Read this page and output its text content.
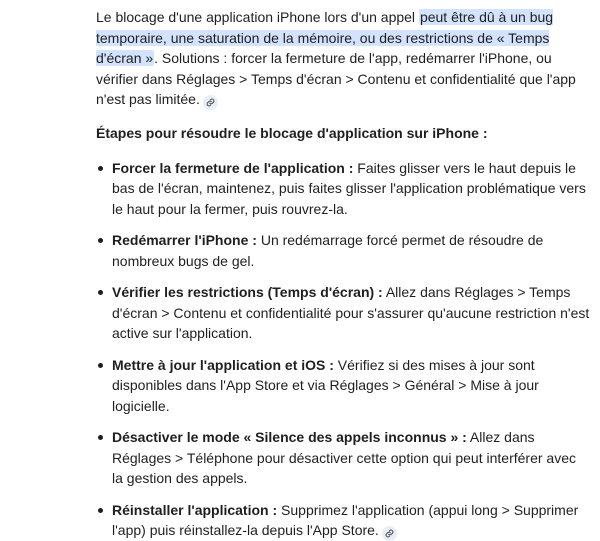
Le blocage d'une application iPhone lors d'un appel peut être dû à un bug temporaire, une saturation de la mémoire, ou des restrictions de « Temps d'écran ». Solutions : forcer la fermeture de l'app, redémarrer l'iPhone, ou vérifier dans Réglages > Temps d'écran > Contenu et confidentialité que l'app n'est pas limitée.

Étapes pour résoudre le blocage d'application sur iPhone :

Forcer la fermeture de l'application : Faites glisser vers le haut depuis le bas de l'écran, maintenez, puis faites glisser l'application problématique vers le haut pour la fermer, puis rouvrez-la.
Redémarrer l'iPhone : Un redémarrage forcé permet de résoudre de nombreux bugs de gel.
Vérifier les restrictions (Temps d'écran) : Allez dans Réglages > Temps d'écran > Contenu et confidentialité pour s'assurer qu'aucune restriction n'est active sur l'application.
Mettre à jour l'application et iOS : Vérifiez si des mises à jour sont disponibles dans l'App Store et via Réglages > Général > Mise à jour logicielle.
Désactiver le mode « Silence des appels inconnus » : Allez dans Réglages > Téléphone pour désactiver cette option qui peut interférer avec la gestion des appels.
Réinstaller l'application : Supprimez l'application (appui long > Supprimer l'app) puis réinstallez-la depuis l'App Store.
